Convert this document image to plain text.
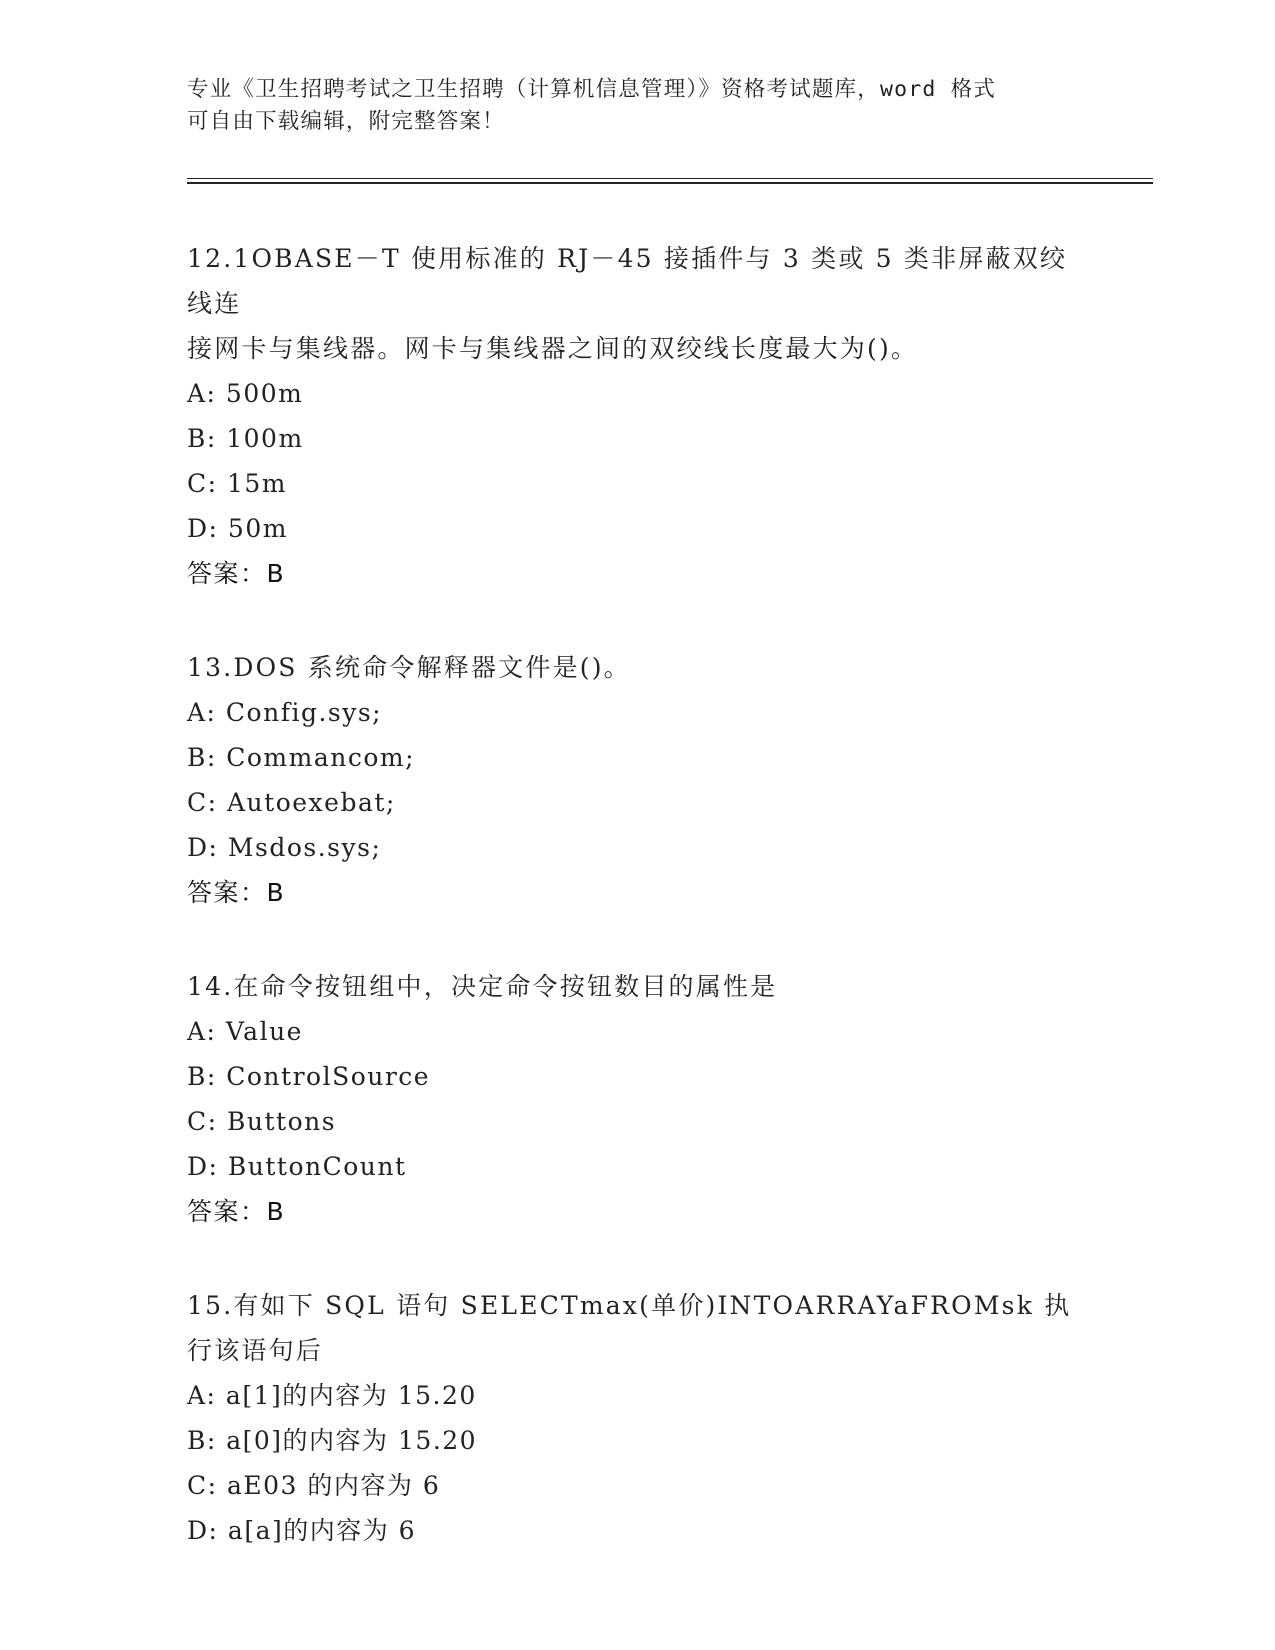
专业《卫生招聘考试之卫生招聘（计算机信息管理）》资格考试题库，word 格式
可自由下载编辑，附完整答案！
12.1OBASE－T 使用标准的 RJ－45 接插件与 3 类或 5 类非屏蔽双绞线连
接网卡与集线器。网卡与集线器之间的双绞线长度最大为()。
A: 500m
B: 100m
C: 15m
D: 50m
答案：B
13.DOS 系统命令解释器文件是()。
A: Config.sys;
B: Commancom;
C: Autoexebat;
D: Msdos.sys;
答案：B
14.在命令按钮组中，决定命令按钮数目的属性是
A: Value
B: ControlSource
C: Buttons
D: ButtonCount
答案：B
15.有如下 SQL 语句 SELECTmax(单价)INTOARRAYaFROMsk 执行该语句后
A: a[1]的内容为 15.20
B: a[0]的内容为 15.20
C: aE03 的内容为 6
D: a[a]的内容为 6
